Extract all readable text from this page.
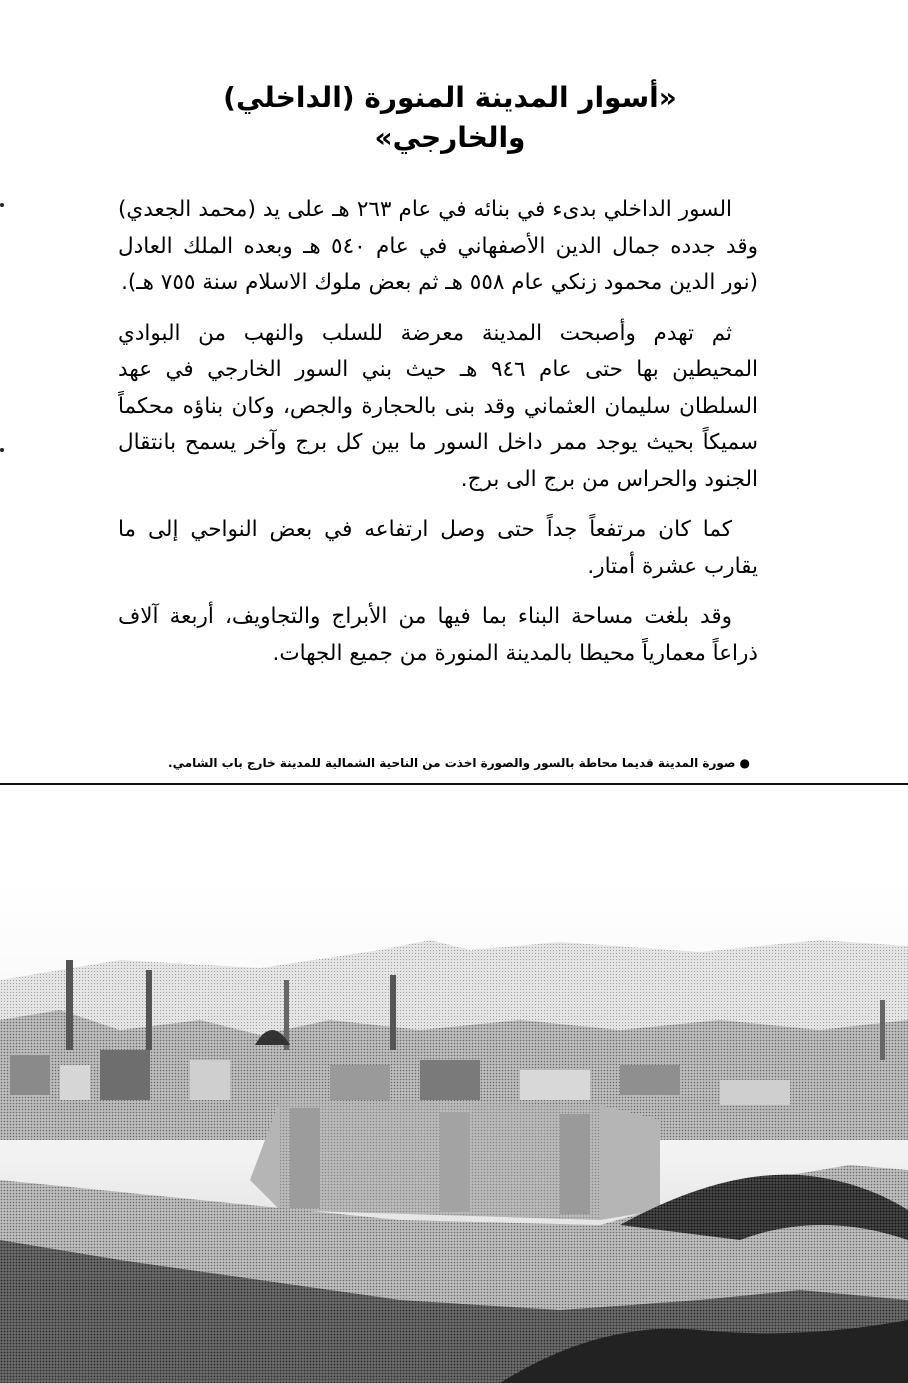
«أسوار المدينة المنورة (الداخلي) والخارجي»

السور الداخلي بدىء في بنائه في عام ٢٦٣ هـ على يد (محمد الجعدي) وقد جدده جمال الدين الأصفهاني في عام ٥٤٠ هـ وبعده الملك العادل (نور الدين محمود زنكي عام ٥٥٨ هـ ثم بعض ملوك الاسلام سنة ٧٥٥ هـ).

ثم تهدم وأصبحت المدينة معرضة للسلب والنهب من البوادي المحيطين بها حتى عام ٩٤٦ هـ حيث بني السور الخارجي في عهد السلطان سليمان العثماني وقد بنى بالحجارة والجص، وكان بناؤه محكماً سميكاً بحيث يوجد ممر داخل السور ما بين كل برج وآخر يسمح بانتقال الجنود والحراس من برج الى برج.

كما كان مرتفعاً جداً حتى وصل ارتفاعه في بعض النواحي إلى ما يقارب عشرة أمتار.

وقد بلغت مساحة البناء بما فيها من الأبراج والتجاويف، أربعة آلاف ذراعاً معمارياً محيطا بالمدينة المنورة من جميع الجهات.

●صورة المدينة قديما محاطة بالسور والصورة اخذت من الناحية الشمالية للمدينة خارج باب الشامي.
